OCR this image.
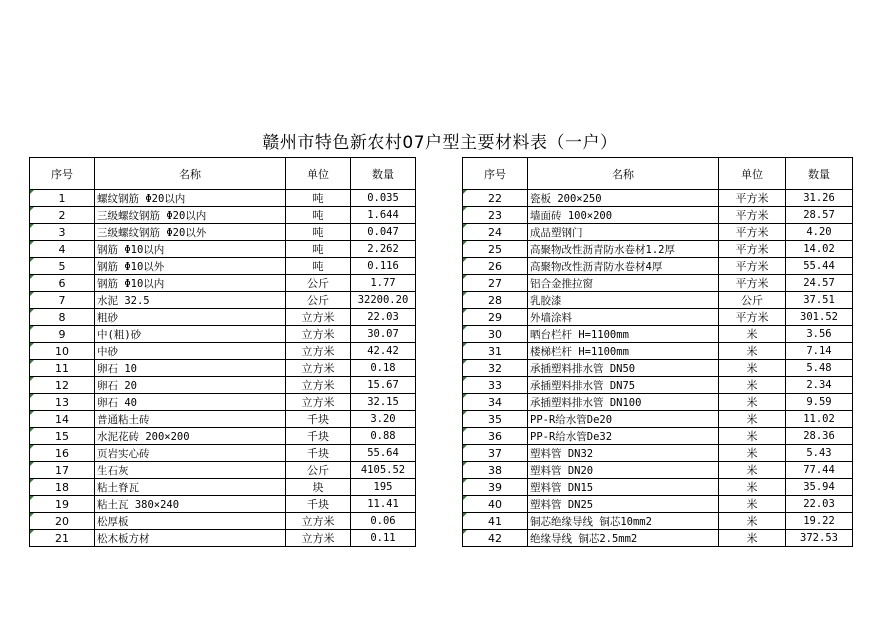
赣州市特色新农村07户型主要材料表（一户）
序号	名称	单位	数量
1	螺纹钢筋 Φ20以内	吨	0.035
2	三级螺纹钢筋 Φ20以内	吨	1.644
3	三级螺纹钢筋 Φ20以外	吨	0.047
4	钢筋 Φ10以内	吨	2.262
5	钢筋 Φ10以外	吨	0.116
6	钢筋 Φ10以内	公斤	1.77
7	水泥 32.5	公斤	32200.20
8	粗砂	立方米	22.03
9	中(粗)砂	立方米	30.07
10	中砂	立方米	42.42
11	卵石 10	立方米	0.18
12	卵石 20	立方米	15.67
13	卵石 40	立方米	32.15
14	普通粘土砖	千块	3.20
15	水泥花砖 200×200	千块	0.88
16	页岩实心砖	千块	55.64
17	生石灰	公斤	4105.52
18	粘土脊瓦	块	195
19	粘土瓦 380×240	千块	11.41
20	松厚板	立方米	0.06
21	松木板方材	立方米	0.11
序号	名称	单位	数量
22	瓷板 200×250	平方米	31.26
23	墙面砖 100×200	平方米	28.57
24	成品塑钢门	平方米	4.20
25	高聚物改性沥青防水卷材1.2厚	平方米	14.02
26	高聚物改性沥青防水卷材4厚	平方米	55.44
27	铝合金推拉窗	平方米	24.57
28	乳胶漆	公斤	37.51
29	外墙涂料	平方米	301.52
30	晒台栏杆 H=1100mm	米	3.56
31	楼梯栏杆 H=1100mm	米	7.14
32	承插塑料排水管 DN50	米	5.48
33	承插塑料排水管 DN75	米	2.34
34	承插塑料排水管 DN100	米	9.59
35	PP-R给水管De20	米	11.02
36	PP-R给水管De32	米	28.36
37	塑料管 DN32	米	5.43
38	塑料管 DN20	米	77.44
39	塑料管 DN15	米	35.94
40	塑料管 DN25	米	22.03
41	铜芯绝缘导线 铜芯10mm2	米	19.22
42	绝缘导线 铜芯2.5mm2	米	372.53
